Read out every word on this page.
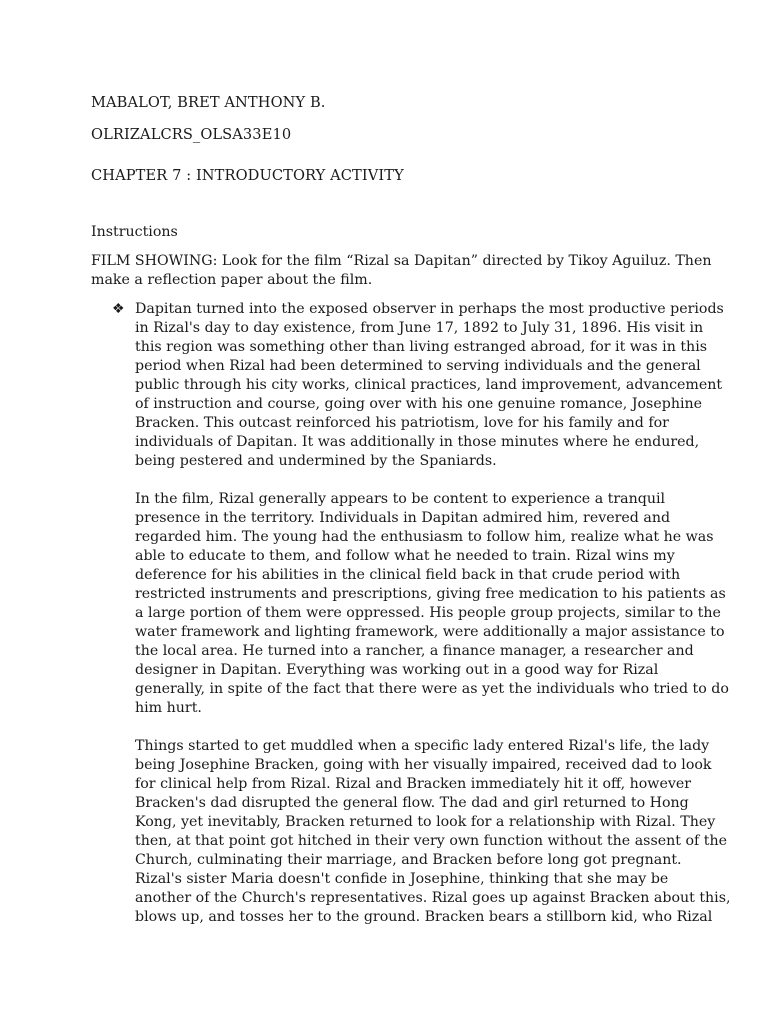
MABALOT, BRET ANTHONY B.
OLRIZALCRS_OLSA33E10
CHAPTER 7 : INTRODUCTORY ACTIVITY
Instructions
FILM SHOWING: Look for the film “Rizal sa Dapitan” directed by Tikoy Aguiluz. Then
make a reflection paper about the film.
❖ Dapitan turned into the exposed observer in perhaps the most productive periods
in Rizal's day to day existence, from June 17, 1892 to July 31, 1896. His visit in
this region was something other than living estranged abroad, for it was in this
period when Rizal had been determined to serving individuals and the general
public through his city works, clinical practices, land improvement, advancement
of instruction and course, going over with his one genuine romance, Josephine
Bracken. This outcast reinforced his patriotism, love for his family and for
individuals of Dapitan. It was additionally in those minutes where he endured,
being pestered and undermined by the Spaniards.
In the film, Rizal generally appears to be content to experience a tranquil
presence in the territory. Individuals in Dapitan admired him, revered and
regarded him. The young had the enthusiasm to follow him, realize what he was
able to educate to them, and follow what he needed to train. Rizal wins my
deference for his abilities in the clinical field back in that crude period with
restricted instruments and prescriptions, giving free medication to his patients as
a large portion of them were oppressed. His people group projects, similar to the
water framework and lighting framework, were additionally a major assistance to
the local area. He turned into a rancher, a finance manager, a researcher and
designer in Dapitan. Everything was working out in a good way for Rizal
generally, in spite of the fact that there were as yet the individuals who tried to do
him hurt.
Things started to get muddled when a specific lady entered Rizal's life, the lady
being Josephine Bracken, going with her visually impaired, received dad to look
for clinical help from Rizal. Rizal and Bracken immediately hit it off, however
Bracken's dad disrupted the general flow. The dad and girl returned to Hong
Kong, yet inevitably, Bracken returned to look for a relationship with Rizal. They
then, at that point got hitched in their very own function without the assent of the
Church, culminating their marriage, and Bracken before long got pregnant.
Rizal's sister Maria doesn't confide in Josephine, thinking that she may be
another of the Church's representatives. Rizal goes up against Bracken about this,
blows up, and tosses her to the ground. Bracken bears a stillborn kid, who Rizal
